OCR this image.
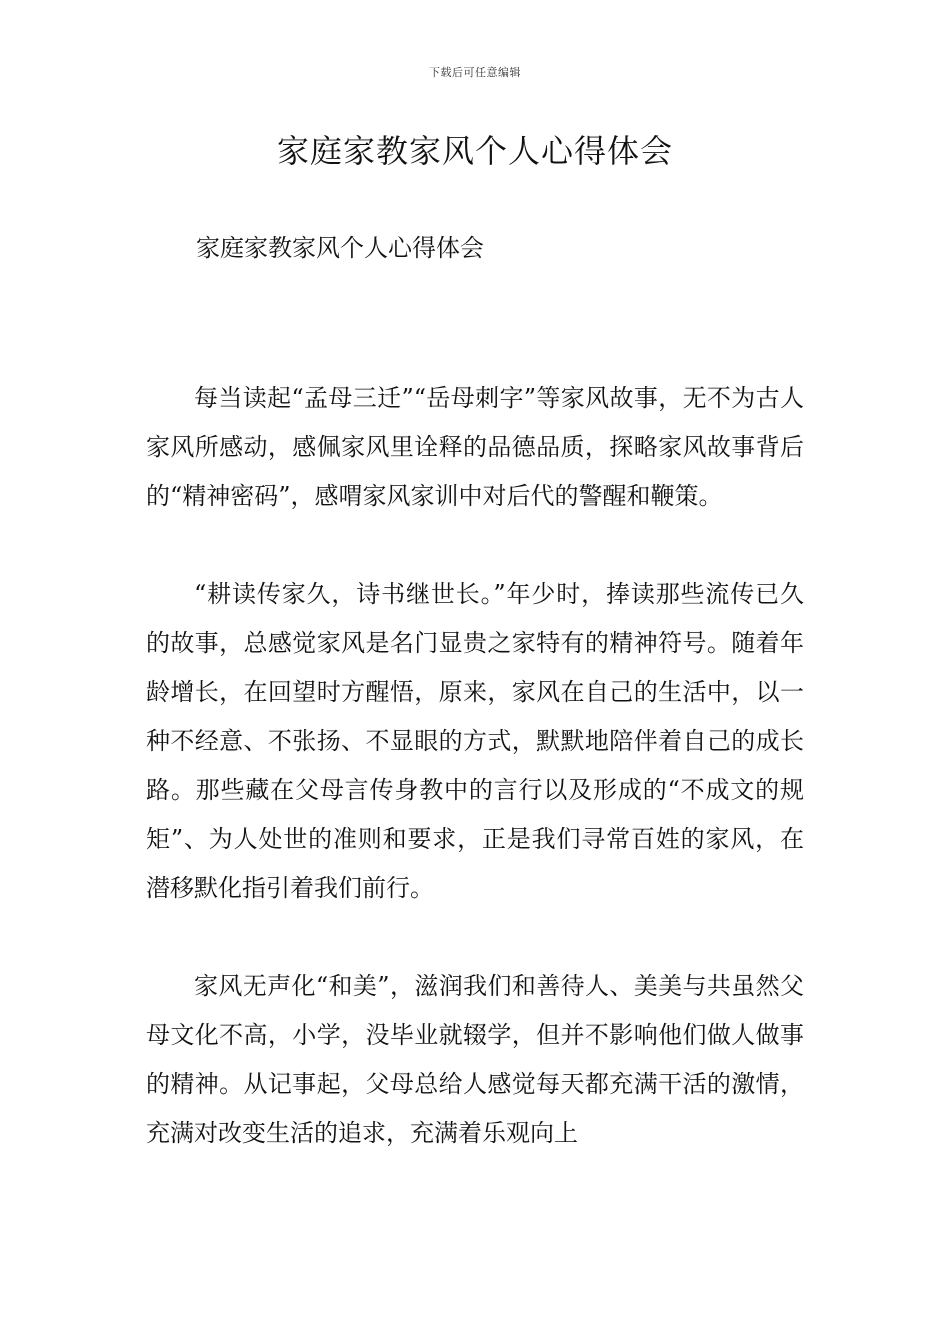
下载后可任意编辑
家庭家教家风个人心得体会

家庭家教家风个人心得体会

每当读起“孟母三迁”“岳母刺字”等家风故事，无不为古人家风所感动，感佩家风里诠释的品德品质，探略家风故事背后的“精神密码”，感喟家风家训中对后代的警醒和鞭策。

“耕读传家久，诗书继世长。”年少时，捧读那些流传已久的故事，总感觉家风是名门显贵之家特有的精神符号。随着年龄增长，在回望时方醒悟，原来，家风在自己的生活中，以一种不经意、不张扬、不显眼的方式，默默地陪伴着自己的成长路。那些藏在父母言传身教中的言行以及形成的“不成文的规矩”、为人处世的准则和要求，正是我们寻常百姓的家风，在潜移默化指引着我们前行。

家风无声化“和美”，滋润我们和善待人、美美与共虽然父母文化不高，小学，没毕业就辍学，但并不影响他们做人做事的精神。从记事起，父母总给人感觉每天都充满干活的激情，充满对改变生活的追求，充满着乐观向上
